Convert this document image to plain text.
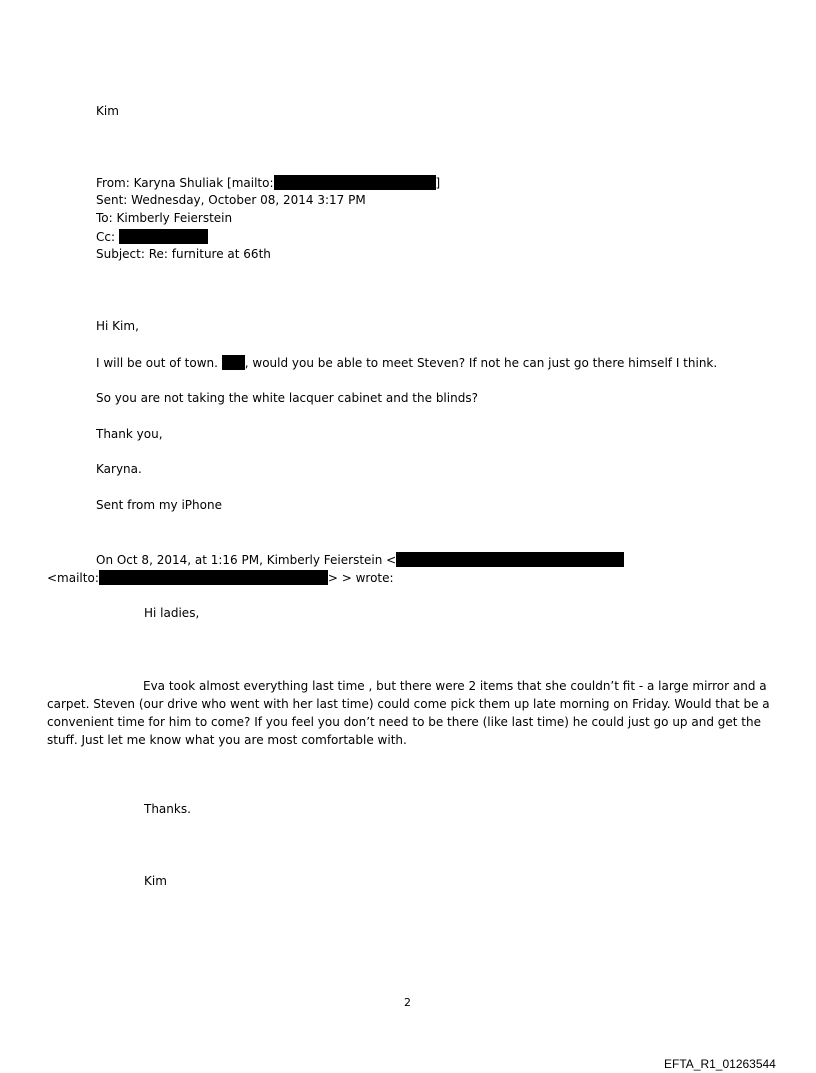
Kim
From: Karyna Shuliak [mailto:	]
Sent: Wednesday, October 08, 2014 3:17 PM
To: Kimberly Feierstein
Cc:
Subject: Re: furniture at 66th
Hi Kim,
I will be out of town. , would you be able to meet Steven? If not he can just go there himself I think.
So you are not taking the white lacquer cabinet and the blinds?
Thank you,
Karyna.
Sent from my iPhone
On Oct 8, 2014, at 1:16 PM, Kimberly Feierstein <
<mailto:	> > wrote:
Hi ladies,
Eva took almost everything last time , but there were 2 items that she couldn’t fit - a large mirror and a carpet. Steven (our drive who went with her last time) could come pick them up late morning on Friday. Would that be a convenient time for him to come? If you feel you don’t need to be there (like last time) he could just go up and get the stuff. Just let me know what you are most comfortable with.
Thanks.
Kim
2
EFTA_R1_01263544
